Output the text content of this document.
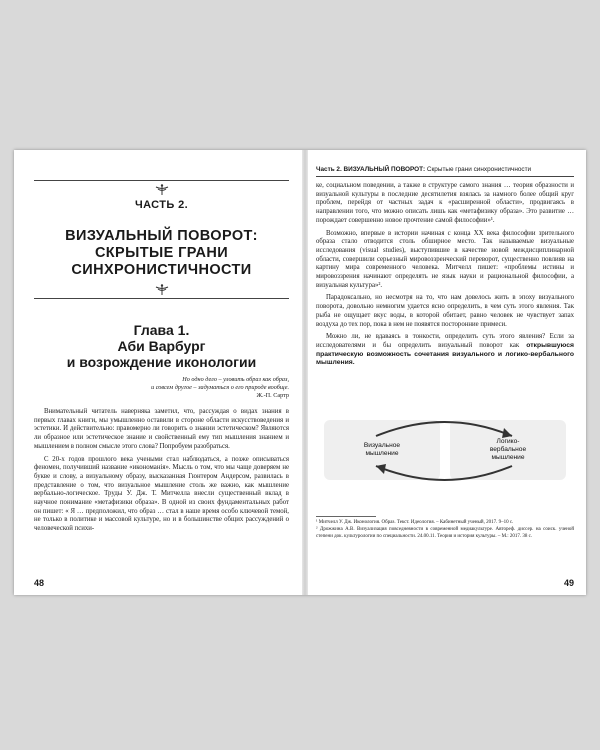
ЧАСТЬ 2.
ВИЗУАЛЬНЫЙ ПОВОРОТ:
СКРЫТЫЕ ГРАНИ
СИНХРОНИСТИЧНОСТИ
Глава 1.
Аби Варбург
и возрождение иконологии
Но одно дело – уловить образ как образ,
и совсем другое – задуматься о его природе вообще.
Ж.-П. Сартр

Внимательный читатель наверняка заметил, что, рассуждая о видах знания в первых главах книги, мы умышленно оставили в стороне области искусствоведения и эстетики. И действительно: правомерно ли говорить о знании эстетическом? Являются ли образное или эстетическое знание и свойственный ему тип мышления знанием и мышлением в полном смысле этого слова? Попробуем разобраться.

С 20-х годов прошлого века учеными стал наблюдаться, а позже описываться феномен, получивший название «икономанія». Мысль о том, что мы чаще доверяем не букве и слову, а визуальному образу, высказанная Гюнтером Андерсом, развилась в представление о том, что визуальное мышление столь же важно, как мышление вербально-логическое. Труды У. Дж. Т. Митчелла внесли существенный вклад в научное понимание «метафизики образа». В одной из своих фундаментальных работ он пишет: « Я … предположил, что образ … стал в наше время особо ключевой темой, не только в политике и массовой культуре, но и в большинстве общих рассуждений о человеческой психи-

48
Часть 2. ВИЗУАЛЬНЫЙ ПОВОРОТ: Скрытые грани синхронистичности

ке, социальном поведении, а также в структуре самого знания … теория образности и визуальной культуры в последние десятилетия взялась за намного более общий круг проблем, перейдя от частных задач к «расширенной области», продвигаясь в направлении того, что можно описать лишь как «метафизику образа». Это развитие … порождает совершенно новое прочтение самой философии»¹.

Возможно, впервые в истории начиная с конца XX века философии зрительного образа стало отводится столь обширное место. Так называемые визуальные исследования (visual studies), выступившие в качестве новой междисциплинарной области, совершили серьезный мировоззренческий переворот, существенно повлияв на картину мира современного человека. Митчелл пишет: «проблемы истины и мировоззрения начинают определять не язык науки и рациональной философии, а визуальная культура»².

Парадоксально, но несмотря на то, что нам довелось жить в эпоху визуального поворота, довольно немногим удается ясно определить, в чем суть этого явления. Так рыба не ощущает вкус воды, в которой обитает, равно человек не чувствует запах воздуха до тех пор, пока в нем не появятся посторонние примеси.

Можно ли, не вдаваясь в тонкости, определить суть этого явления? Если за исследователями и бы определить визуальный поворот как открывшуюся практическую возможность сочетания визуального и логико-вербального мышления.

Визуальное
мышление
Логико-
вербальное
мышление
¹ Митчелл У. Дж. Иконология. Образ. Текст. Идеология. – Кабинетный ученый, 2017. 9–10 с.
² Дрожжина А.В. Визуализация повседневности в современной медиакультуре. Автореф. диссер. на соиск. ученой степени док. культурологии по специальности. 24.00.11. Теория и история культуры. – М.: 2017. 38 с.
49
